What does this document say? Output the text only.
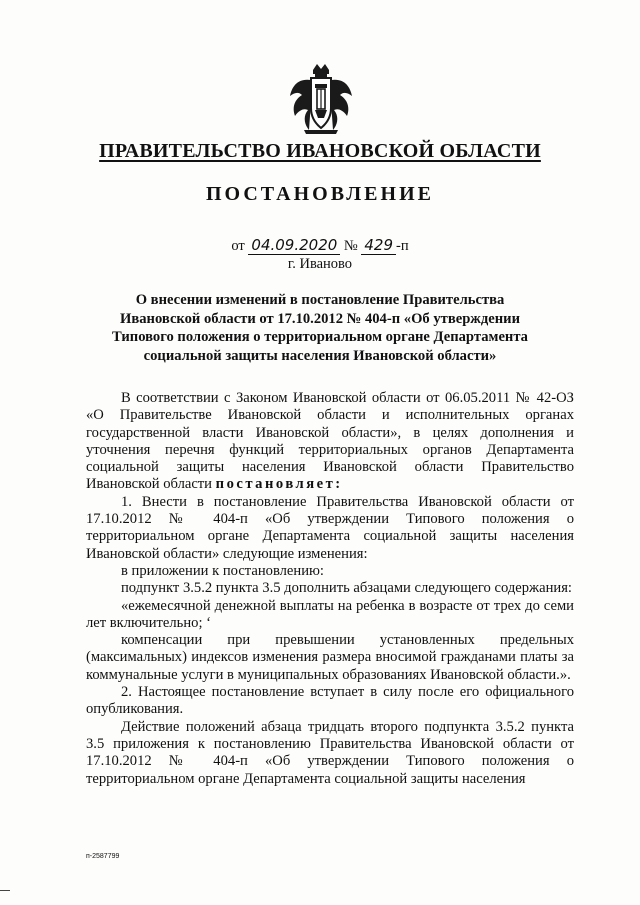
ПРАВИТЕЛЬСТВО ИВАНОВСКОЙ ОБЛАСТИ
ПОСТАНОВЛЕНИЕ
от 04.09.2020 № 429 -п
г. Иваново
О внесении изменений в постановление Правительства
Ивановской области от 17.10.2012 № 404-п «Об утверждении
Типового положения о территориальном органе Департамента
социальной защиты населения Ивановской области»

В соответствии с Законом Ивановской области от 06.05.2011 № 42-ОЗ «О Правительстве Ивановской области и исполнительных органах государственной власти Ивановской области», в целях дополнения и уточнения перечня функций территориальных органов Департамента социальной защиты населения Ивановской области Правительство Ивановской области постановляет:

1. Внести в постановление Правительства Ивановской области от 17.10.2012 № 404-п «Об утверждении Типового положения о территориальном органе Департамента социальной защиты населения Ивановской области» следующие изменения:

в приложении к постановлению:

подпункт 3.5.2 пункта 3.5 дополнить абзацами следующего содержания:

«ежемесячной денежной выплаты на ребенка в возрасте от трех до семи лет включительно; ‘

компенсации при превышении установленных предельных (максимальных) индексов изменения размера вносимой гражданами платы за коммунальные услуги в муниципальных образованиях Ивановской области.».

2. Настоящее постановление вступает в силу после его официального опубликования.

Действие положений абзаца тридцать второго подпункта 3.5.2 пункта 3.5 приложения к постановлению Правительства Ивановской области от 17.10.2012 № 404-п «Об утверждении Типового положения о территориальном органе Департамента социальной защиты населения

п-2587799
